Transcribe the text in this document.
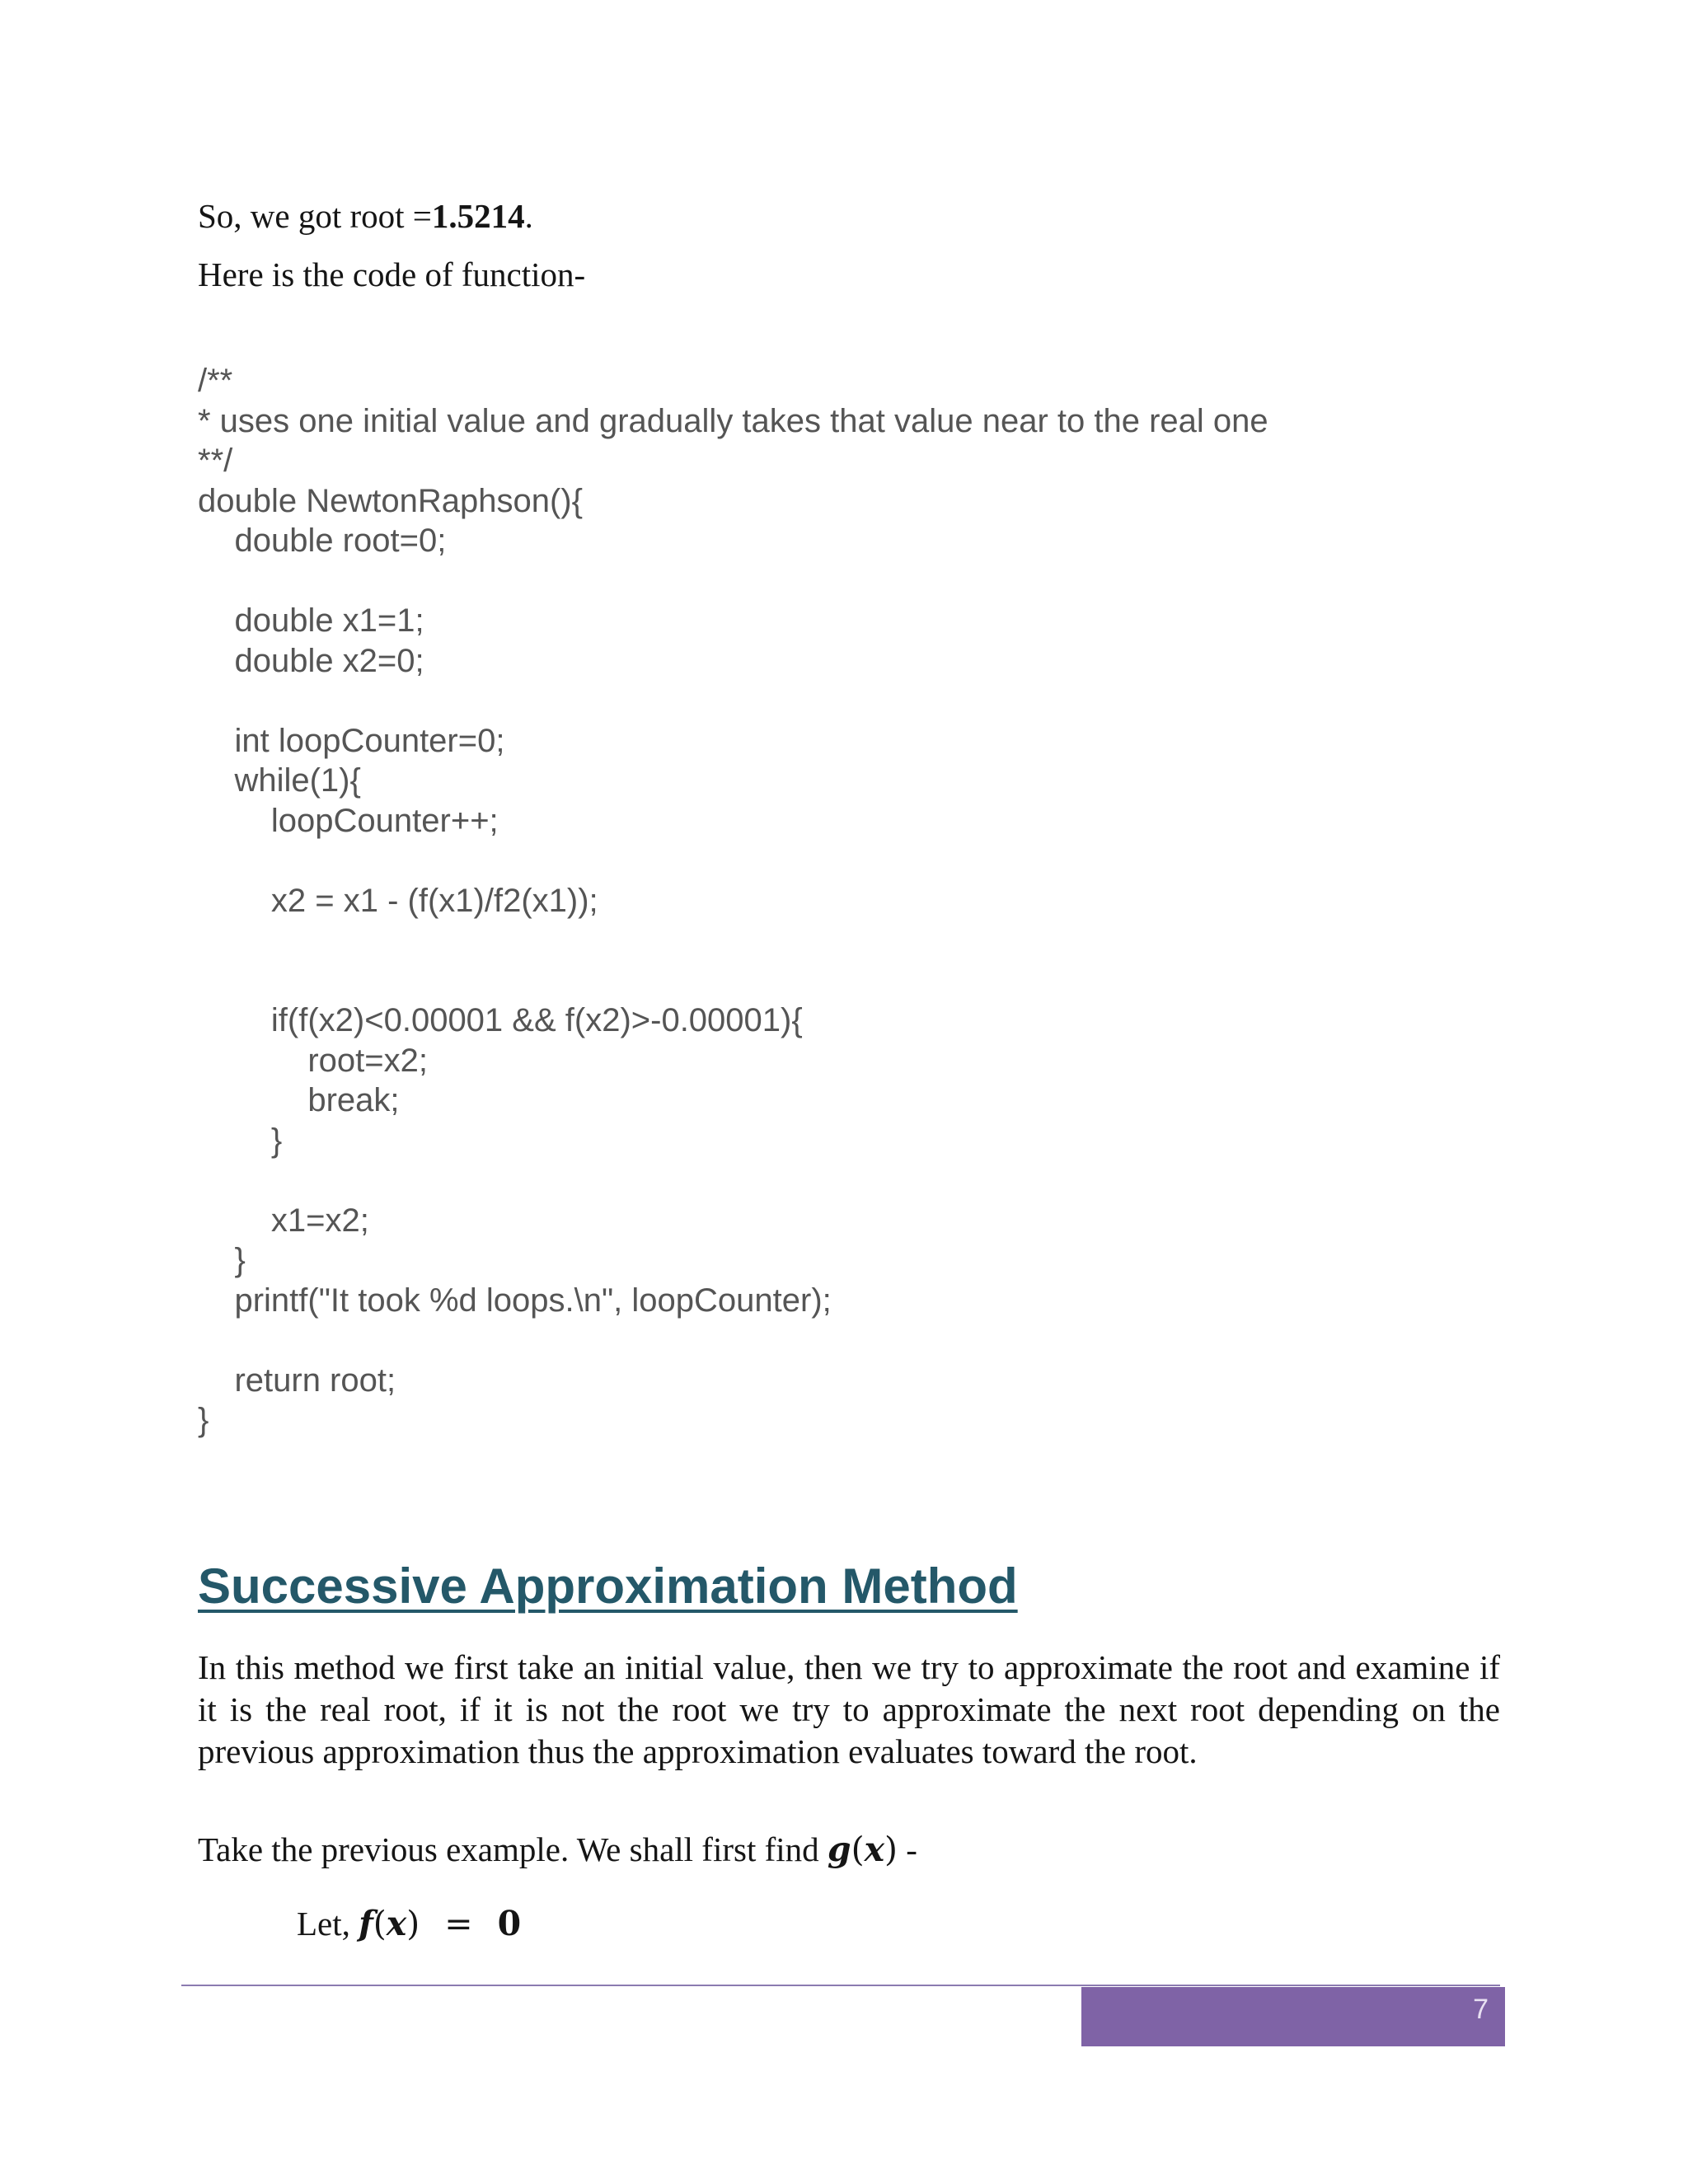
So, we got root =1.5214.
Here is the code of function-
/**
* uses one initial value and gradually takes that value near to the real one
**/
double NewtonRaphson(){
double root=0;

double x1=1;
double x2=0;

int loopCounter=0;
while(1){
loopCounter++;

x2 = x1 - (f(x1)/f2(x1));

if(f(x2)<0.00001 && f(x2)>-0.00001){
root=x2;
break;
}

x1=x2;
}
printf("It took %d loops.\n", loopCounter);

return root;
}
Successive Approximation Method

In this method we first take an initial value, then we try to approximate the root and examine if it is the real root, if it is not the root we try to approximate the next root depending on the previous approximation thus the approximation evaluates toward the root.

Take the previous example. We shall first find g(x) -
Let, f(x) = 0
7
